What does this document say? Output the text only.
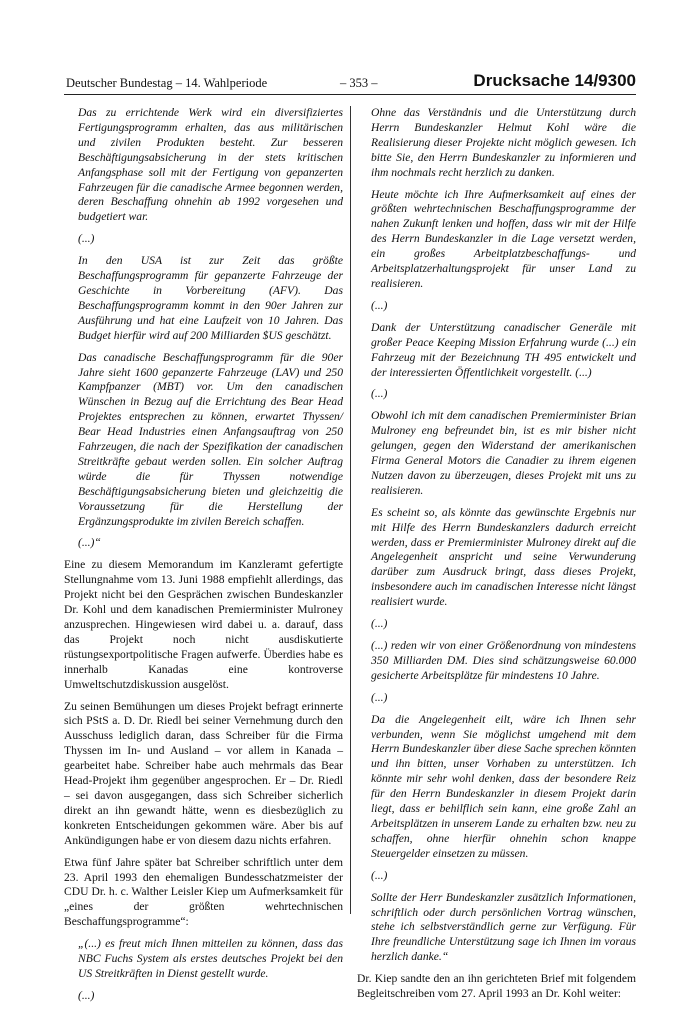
Deutscher Bundestag – 14. Wahlperiode	– 353 –	Drucksache 14/9300

Das zu errichtende Werk wird ein diversifiziertes Fertigungsprogramm erhalten, das aus militärischen und zivilen Produkten besteht. Zur besseren Beschäftigungsabsicherung in der stets kritischen Anfangsphase soll mit der Fertigung von gepanzerten Fahrzeugen für die canadische Armee begonnen werden, deren Beschaffung ohnehin ab 1992 vorgesehen und budgetiert war.

(...)

In den USA ist zur Zeit das größte Beschaffungsprogramm für gepanzerte Fahrzeuge der Geschichte in Vorbereitung (AFV). Das Beschaffungsprogramm kommt in den 90er Jahren zur Ausführung und hat eine Laufzeit von 10 Jahren. Das Budget hierfür wird auf 200 Milliarden $US geschätzt.

Das canadische Beschaffungsprogramm für die 90er Jahre sieht 1600 gepanzerte Fahrzeuge (LAV) und 250 Kampfpanzer (MBT) vor. Um den canadischen Wünschen in Bezug auf die Errichtung des Bear Head Projektes entsprechen zu können, erwartet Thyssen/ Bear Head Industries einen Anfangsauftrag von 250 Fahrzeugen, die nach der Spezifikation der canadischen Streitkräfte gebaut werden sollen. Ein solcher Auftrag würde die für Thyssen notwendige Beschäftigungsabsicherung bieten und gleichzeitig die Voraussetzung für die Herstellung der Ergänzungsprodukte im zivilen Bereich schaffen.

(...)“

Eine zu diesem Memorandum im Kanzleramt gefertigte Stellungnahme vom 13. Juni 1988 empfiehlt allerdings, das Projekt nicht bei den Gesprächen zwischen Bundeskanzler Dr. Kohl und dem kanadischen Premierminister Mulroney anzusprechen. Hingewiesen wird dabei u. a. darauf, dass das Projekt noch nicht ausdiskutierte rüstungsexportpolitische Fragen aufwerfe. Überdies habe es innerhalb Kanadas eine kontroverse Umweltschutzdiskussion ausgelöst.

Zu seinen Bemühungen um dieses Projekt befragt erinnerte sich PStS a. D. Dr. Riedl bei seiner Vernehmung durch den Ausschuss lediglich daran, dass Schreiber für die Firma Thyssen im In- und Ausland – vor allem in Kanada – gearbeitet habe. Schreiber habe auch mehrmals das Bear Head-Projekt ihm gegenüber angesprochen. Er – Dr. Riedl – sei davon ausgegangen, dass sich Schreiber sicherlich direkt an ihn gewandt hätte, wenn es diesbezüglich zu konkreten Entscheidungen gekommen wäre. Aber bis auf Ankündigungen habe er von diesem dazu nichts erfahren.

Etwa fünf Jahre später bat Schreiber schriftlich unter dem 23. April 1993 den ehemaligen Bundesschatzmeister der CDU Dr. h. c. Walther Leisler Kiep um Aufmerksamkeit für „eines der größten wehrtechnischen Beschaffungsprogramme“:

„(...) es freut mich Ihnen mitteilen zu können, dass das NBC Fuchs System als erstes deutsches Projekt bei den US Streitkräften in Dienst gestellt wurde.

(...)

Ohne das Verständnis und die Unterstützung durch Herrn Bundeskanzler Helmut Kohl wäre die Realisierung dieser Projekte nicht möglich gewesen. Ich bitte Sie, den Herrn Bundeskanzler zu informieren und ihm nochmals recht herzlich zu danken.

Heute möchte ich Ihre Aufmerksamkeit auf eines der größten wehrtechnischen Beschaffungsprogramme der nahen Zukunft lenken und hoffen, dass wir mit der Hilfe des Herrn Bundeskanzler in die Lage versetzt werden, ein großes Arbeitplatzbeschaffungs- und Arbeitsplatzerhaltungsprojekt für unser Land zu realisieren.

(...)

Dank der Unterstützung canadischer Generäle mit großer Peace Keeping Mission Erfahrung wurde (...) ein Fahrzeug mit der Bezeichnung TH 495 entwickelt und der interessierten Öffentlichkeit vorgestellt. (...)

(...)

Obwohl ich mit dem canadischen Premierminister Brian Mulroney eng befreundet bin, ist es mir bisher nicht gelungen, gegen den Widerstand der amerikanischen Firma General Motors die Canadier zu ihrem eigenen Nutzen davon zu überzeugen, dieses Projekt mit uns zu realisieren.

Es scheint so, als könnte das gewünschte Ergebnis nur mit Hilfe des Herrn Bundeskanzlers dadurch erreicht werden, dass er Premierminister Mulroney direkt auf die Angelegenheit anspricht und seine Verwunderung darüber zum Ausdruck bringt, dass dieses Projekt, insbesondere auch im canadischen Interesse nicht längst realisiert wurde.

(...)

(...) reden wir von einer Größenordnung von mindestens 350 Milliarden DM. Dies sind schätzungsweise 60.000 gesicherte Arbeitsplätze für mindestens 10 Jahre.

(...)

Da die Angelegenheit eilt, wäre ich Ihnen sehr verbunden, wenn Sie möglichst umgehend mit dem Herrn Bundeskanzler über diese Sache sprechen könnten und ihn bitten, unser Vorhaben zu unterstützen. Ich könnte mir sehr wohl denken, dass der besondere Reiz für den Herrn Bundeskanzler in diesem Projekt darin liegt, dass er behilflich sein kann, eine große Zahl an Arbeitsplätzen in unserem Lande zu erhalten bzw. neu zu schaffen, ohne hierfür ohnehin schon knappe Steuergelder einsetzen zu müssen.

(...)

Sollte der Herr Bundeskanzler zusätzlich Informationen, schriftlich oder durch persönlichen Vortrag wünschen, stehe ich selbstverständlich gerne zur Verfügung. Für Ihre freundliche Unterstützung sage ich Ihnen im voraus herzlich danke.“

Dr. Kiep sandte den an ihn gerichteten Brief mit folgendem Begleitschreiben vom 27. April 1993 an Dr. Kohl weiter:
